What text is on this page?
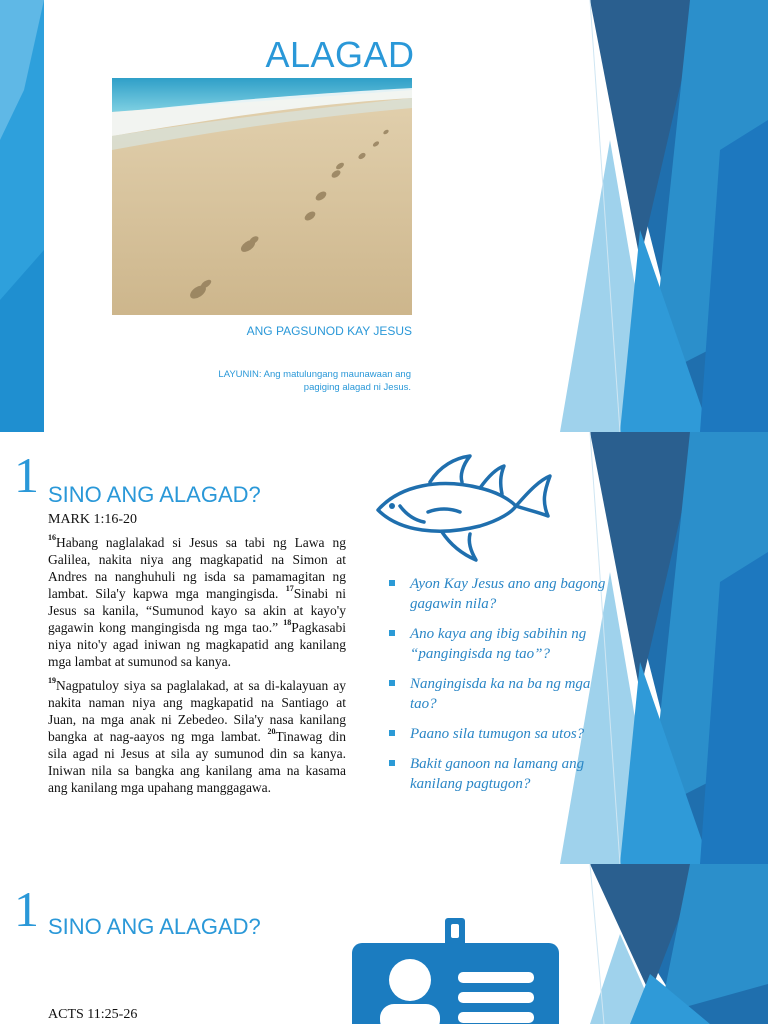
ALAGAD
ANG PAGSUNOD KAY JESUS
LAYUNIN: Ang matulungang maunawaan ang pagiging alagad ni Jesus.
1 SINO ANG ALAGAD?
MARK 1:16-20

$^{16}$Habang naglalakad si Jesus sa tabi ng Lawa ng Galilea, nakita niya ang magkapatid na Simon at Andres na nanghuhuli ng isda sa pamamagitan ng lambat. Sila'y kapwa mga mangingisda. $^{17}$Sinabi ni Jesus sa kanila, “Sumunod kayo sa akin at kayo'y gagawin kong mangingisda ng mga tao.” $^{18}$Pagkasabi niya nito'y agad iniwan ng magkapatid ang kanilang mga lambat at sumunod sa kanya.

$^{19}$Nagpatuloy siya sa paglalakad, at sa di-kalayuan ay nakita naman niya ang magkapatid na Santiago at Juan, na mga anak ni Zebedeo. Sila'y nasa kanilang bangka at nag-aayos ng mga lambat. $^{20}$Tinawag din sila agad ni Jesus at sila ay sumunod din sa kanya. Iniwan nila sa bangka ang kanilang ama na kasama ang kanilang mga upahang manggagawa.

Ayon Kay Jesus ano ang bagong gagawin nila?
Ano kaya ang ibig sabihin ng “pangingisda ng tao”?
Nangingisda ka na ba ng mga tao?
Paano sila tumugon sa utos?
Bakit ganoon na lamang ang kanilang pagtugon?
1 SINO ANG ALAGAD?
ACTS 11:25-26
